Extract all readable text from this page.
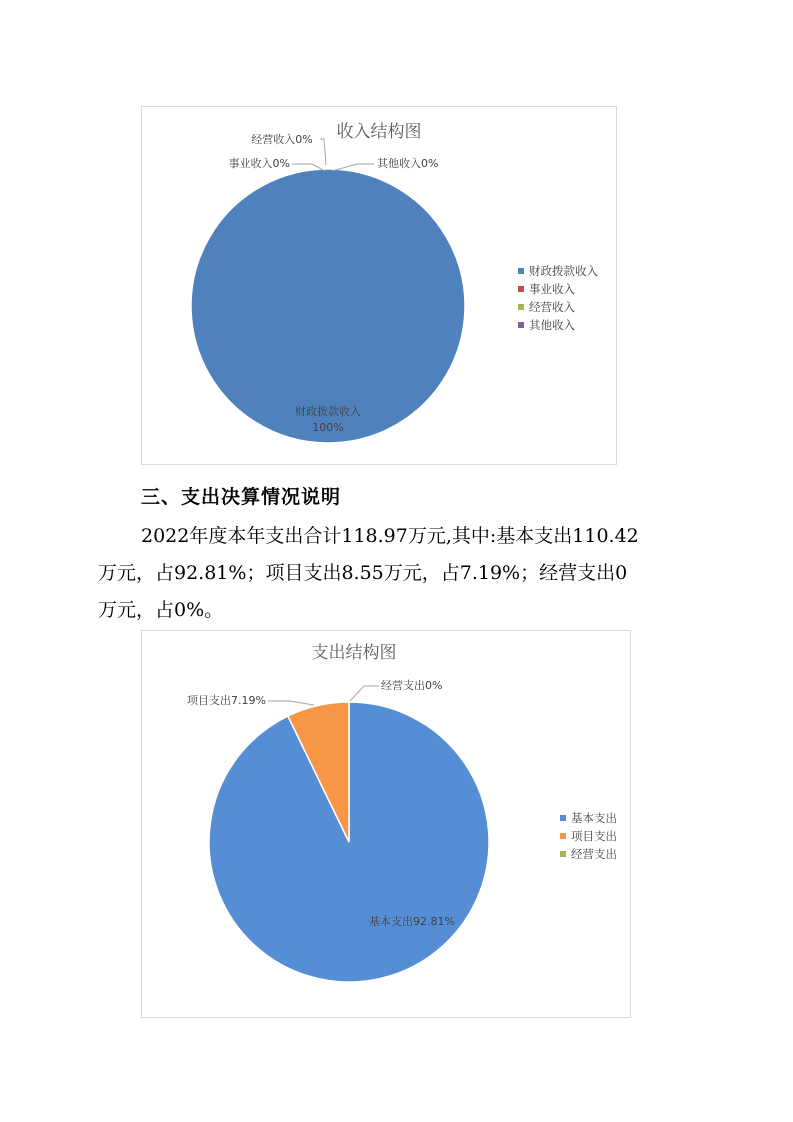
收入结构图
财政拨款收入
100%
事业收入0%
经营收入0%
其他收入0%
财政拨款收入
事业收入
经营收入
其他收入
三、支出决算情况说明
2022年度本年支出合计118.97万元,其中:基本支出110.42
万元，占92.81%；项目支出8.55万元，占7.19%；经营支出0
万元，占0%。
支出结构图
基本支出92.81%
项目支出7.19%
经营支出0%
基本支出
项目支出
经营支出
